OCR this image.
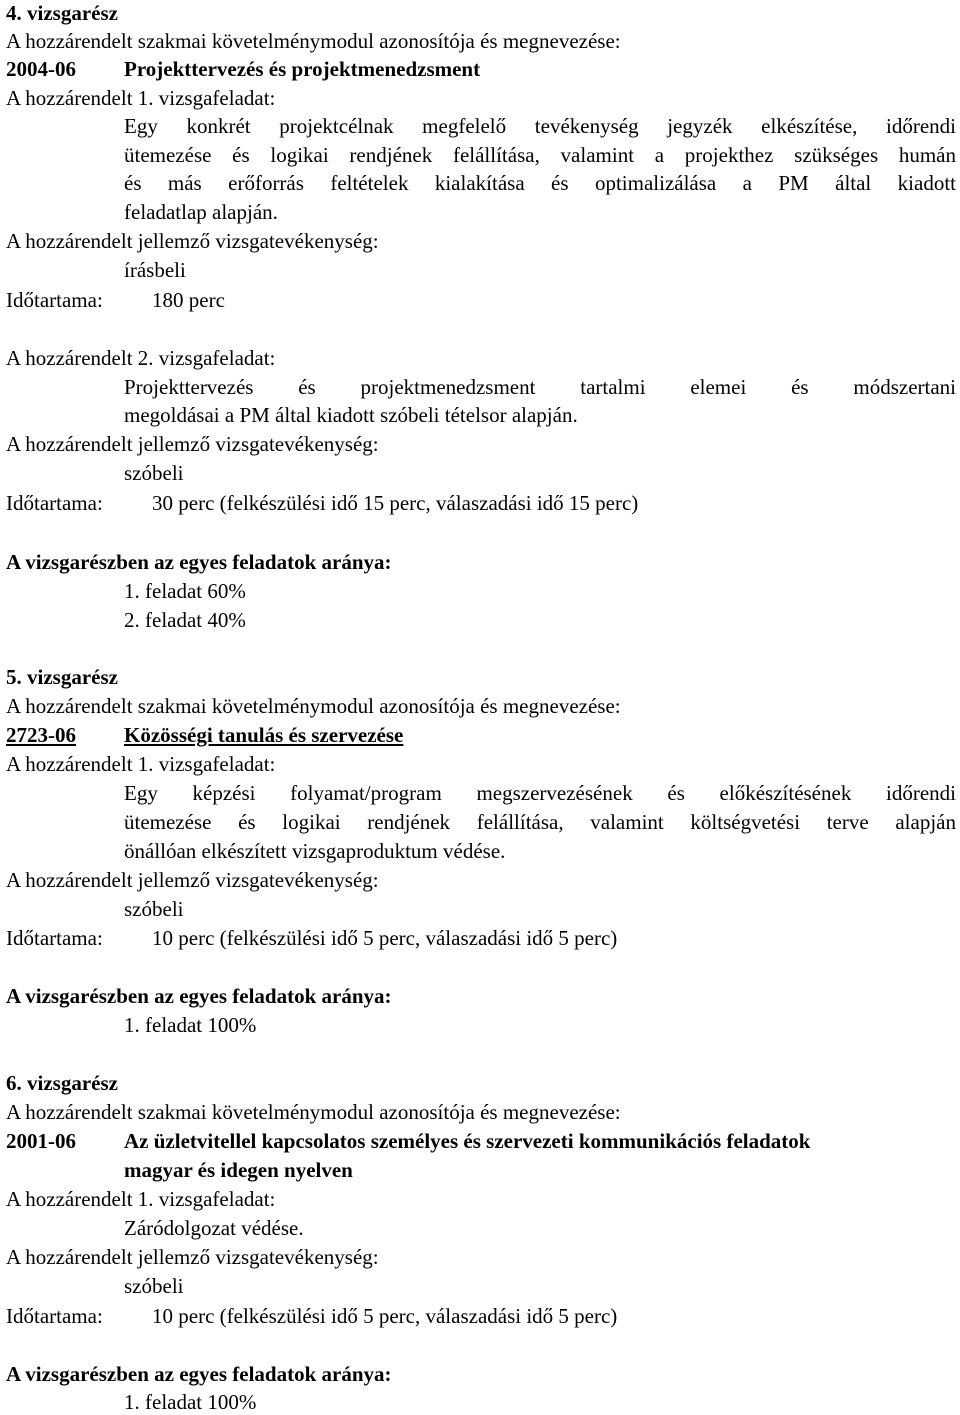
4. vizsgarész
A hozzárendelt szakmai követelménymodul azonosítója és megnevezése:
2004-06 Projekttervezés és projektmenedzsment
A hozzárendelt 1. vizsgafeladat:
Egy konkrét projektcélnak megfelelő tevékenység jegyzék elkészítése, időrendi
ütemezése és logikai rendjének felállítása, valamint a projekthez szükséges humán
és más erőforrás feltételek kialakítása és optimalizálása a PM által kiadott
feladatlap alapján.
A hozzárendelt jellemző vizsgatevékenység:
írásbeli
Időtartama: 180 perc
A hozzárendelt 2. vizsgafeladat:
Projekttervezés és projektmenedzsment tartalmi elemei és módszertani
megoldásai a PM által kiadott szóbeli tételsor alapján.
A hozzárendelt jellemző vizsgatevékenység:
szóbeli
Időtartama: 30 perc (felkészülési idő 15 perc, válaszadási idő 15 perc)
A vizsgarészben az egyes feladatok aránya:
1. feladat 60%
2. feladat 40%
5. vizsgarész
A hozzárendelt szakmai követelménymodul azonosítója és megnevezése:
2723-06 Közösségi tanulás és szervezése
A hozzárendelt 1. vizsgafeladat:
Egy képzési folyamat/program megszervezésének és előkészítésének időrendi
ütemezése és logikai rendjének felállítása, valamint költségvetési terve alapján
önállóan elkészített vizsgaproduktum védése.
A hozzárendelt jellemző vizsgatevékenység:
szóbeli
Időtartama: 10 perc (felkészülési idő 5 perc, válaszadási idő 5 perc)
A vizsgarészben az egyes feladatok aránya:
1. feladat 100%
6. vizsgarész
A hozzárendelt szakmai követelménymodul azonosítója és megnevezése:
2001-06 Az üzletvitellel kapcsolatos személyes és szervezeti kommunikációs feladatok
magyar és idegen nyelven
A hozzárendelt 1. vizsgafeladat:
Záródolgozat védése.
A hozzárendelt jellemző vizsgatevékenység:
szóbeli
Időtartama: 10 perc (felkészülési idő 5 perc, válaszadási idő 5 perc)
A vizsgarészben az egyes feladatok aránya:
1. feladat 100%
